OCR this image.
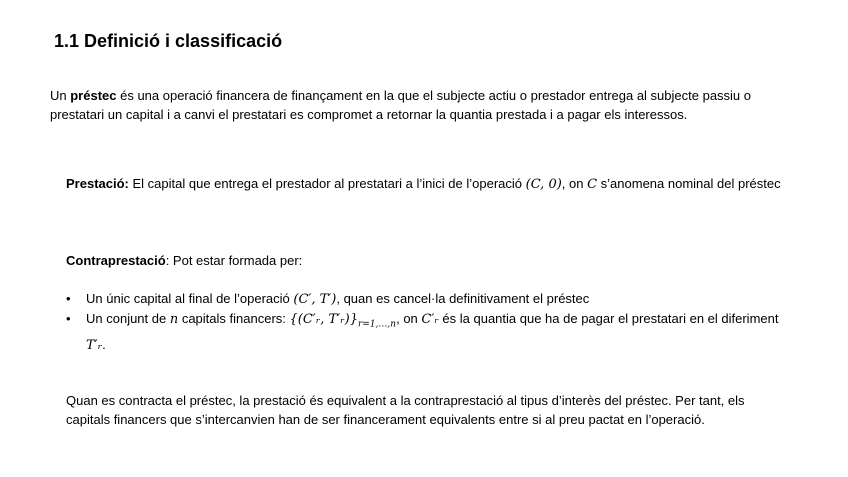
1.1 Definició i classificació

Un préstec és una operació financera de finançament en la que el subjecte actiu o prestador entrega al subjecte passiu o prestatari un capital i a canvi el prestatari es compromet a retornar la quantia prestada i a pagar els interessos.

Prestació: El capital que entrega el prestador al prestatari a l’inici de l’operació (C, 0), on C s’anomena nominal del préstec

Contraprestació: Pot estar formada per:

• Un únic capital al final de l’operació (C′, T′), quan es cancel·la definitivament el préstec
• Un conjunt de n capitals financers: {(C′ᵣ, $T'ᵣ)\}_{r=1,\dots,n}$, on C′ᵣ és la quantia que ha de pagar el prestatari en el diferiment T′ᵣ.

Quan es contracta el préstec, la prestació és equivalent a la contraprestació al tipus d’interès del préstec. Per tant, els capitals financers que s’intercanvien han de ser financerament equivalents entre si al preu pactat en l’operació.
